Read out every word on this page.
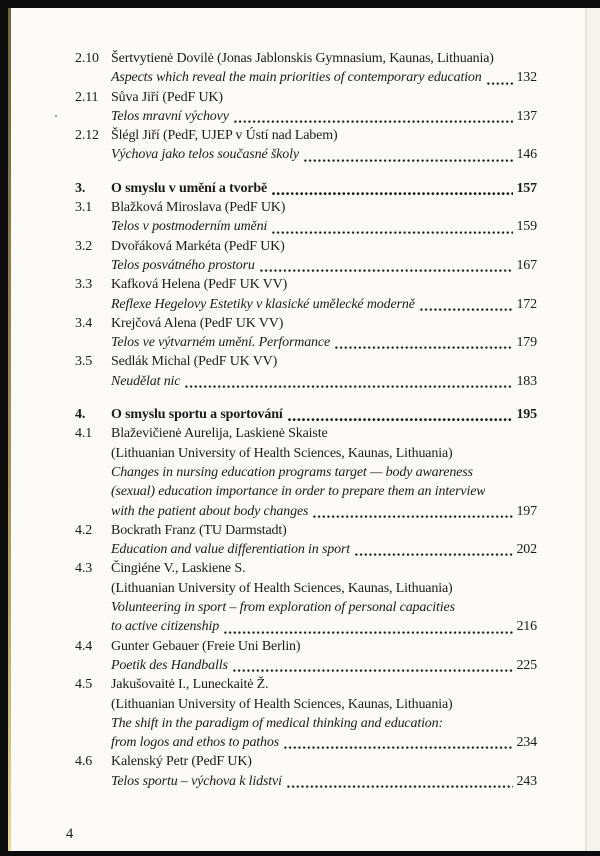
2.10 Šertvytienė Dovilė (Jonas Jablonskis Gymnasium, Kaunas, Lithuania)
Aspects which reveal the main priorities of contemporary education 132
2.11 Sůva Jiří (PedF UK)
Telos mravní výchovy	137
2.12 Šlégl Jiří (PedF, UJEP v Ústí nad Labem)
Výchova jako telos současné školy	146
3.	O smyslu v umění a tvorbě	157
3.1	Blažková Miroslava (PedF UK)
Telos v postmoderním umění	159
3.2	Dvořáková Markéta (PedF UK)
Telos posvátného prostoru	167
3.3	Kafková Helena (PedF UK VV)
Reflexe Hegelovy Estetiky v klasické umělecké moderně	172
3.4	Krejčová Alena (PedF UK VV)
Telos ve výtvarném umění. Performance	179
3.5	Sedlák Michal (PedF UK VV)
Neudělat nic	183
4.	O smyslu sportu a sportování	195
4.1	Blaževičienė Aurelija, Laskienė Skaiste
(Lithuanian University of Health Sciences, Kaunas, Lithuania)
Changes in nursing education programs target — body awareness
(sexual) education importance in order to prepare them an interview
with the patient about body changes	197
4.2	Bockrath Franz (TU Darmstadt)
Education and value differentiation in sport	202
4.3	Čingiéne V., Laskiene S.
(Lithuanian University of Health Sciences, Kaunas, Lithuania)
Volunteering in sport – from exploration of personal capacities
to active citizenship	216
4.4	Gunter Gebauer (Freie Uni Berlin)
Poetik des Handballs	225
4.5	Jakušovaitė I., Luneckaitė Ž.
(Lithuanian University of Health Sciences, Kaunas, Lithuania)
The shift in the paradigm of medical thinking and education:
from logos and ethos to pathos	234
4.6	Kalenský Petr (PedF UK)
Telos sportu – výchova k lidství	243
4
